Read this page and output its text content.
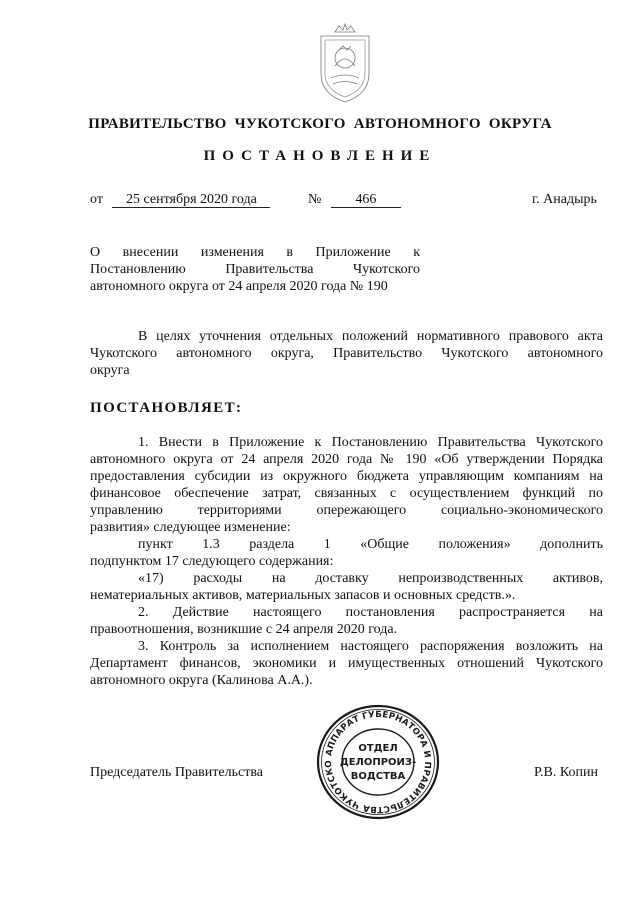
ПРАВИТЕЛЬСТВО ЧУКОТСКОГО АВТОНОМНОГО ОКРУГА
ПОСТАНОВЛЕНИЕ
от 25 сентября 2020 года	№ 466	г. Анадырь
О внесении изменения в Приложение к
Постановлению Правительства Чукотского
автономного округа от 24 апреля 2020 года № 190
В целях уточнения отдельных положений нормативного правового акта
Чукотского автономного округа, Правительство Чукотского автономного
округа
ПОСТАНОВЛЯЕТ:
1. Внести в Приложение к Постановлению Правительства Чукотского
автономного округа от 24 апреля 2020 года № 190 «Об утверждении Порядка
предоставления субсидии из окружного бюджета управляющим компаниям на
финансовое обеспечение затрат, связанных с осуществлением функций по
управлению территориями опережающего социально-экономического
развития» следующее изменение:
пункт 1.3 раздела 1 «Общие положения» дополнить
подпунктом 17 следующего содержания:
«17) расходы на доставку непроизводственных активов,
нематериальных активов, материальных запасов и основных средств.».
2. Действие настоящего постановления распространяется на
правоотношения, возникшие с 24 апреля 2020 года.
3. Контроль за исполнением настоящего распоряжения возложить на
Департамент финансов, экономики и имущественных отношений Чукотского
автономного округа (Калинова А.А.).
Председатель Правительства	Р.В. Копин
АППАРАТ ГУБЕРНАТОРА И ПРАВИТЕЛЬСТВА ЧУКОТСКО
ОТДЕЛ
ДЕЛОПРОИЗ-
ВОДСТВА
